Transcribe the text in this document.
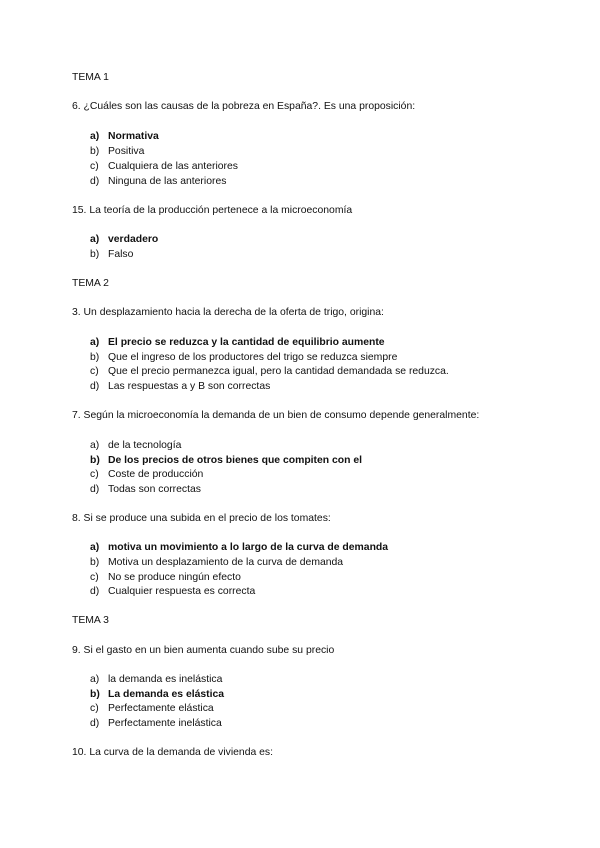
TEMA 1
6. ¿Cuáles son las causas de la pobreza en España?. Es una proposición:
a) Normativa
b) Positiva
c) Cualquiera de las anteriores
d) Ninguna de las anteriores
15. La teoría de la producción pertenece a la microeconomía
a) verdadero
b) Falso
TEMA 2
3. Un desplazamiento hacia la derecha de la oferta de trigo, origina:
a) El precio se reduzca y la cantidad de equilibrio aumente
b) Que el ingreso de los productores del trigo se reduzca siempre
c) Que el precio permanezca igual, pero la cantidad demandada se reduzca.
d) Las respuestas a y B son correctas
7. Según la microeconomía la demanda de un bien de consumo depende generalmente:
a) de la tecnología
b) De los precios de otros bienes que compiten con el
c) Coste de producción
d) Todas son correctas
8. Si se produce una subida en el precio de los tomates:
a) motiva un movimiento a lo largo de la curva de demanda
b) Motiva un desplazamiento de la curva de demanda
c) No se produce ningún efecto
d) Cualquier respuesta es correcta
TEMA 3
9. Si el gasto en un bien aumenta cuando sube su precio
a) la demanda es inelástica
b) La demanda es elástica
c) Perfectamente elástica
d) Perfectamente inelástica
10. La curva de la demanda de vivienda es:
